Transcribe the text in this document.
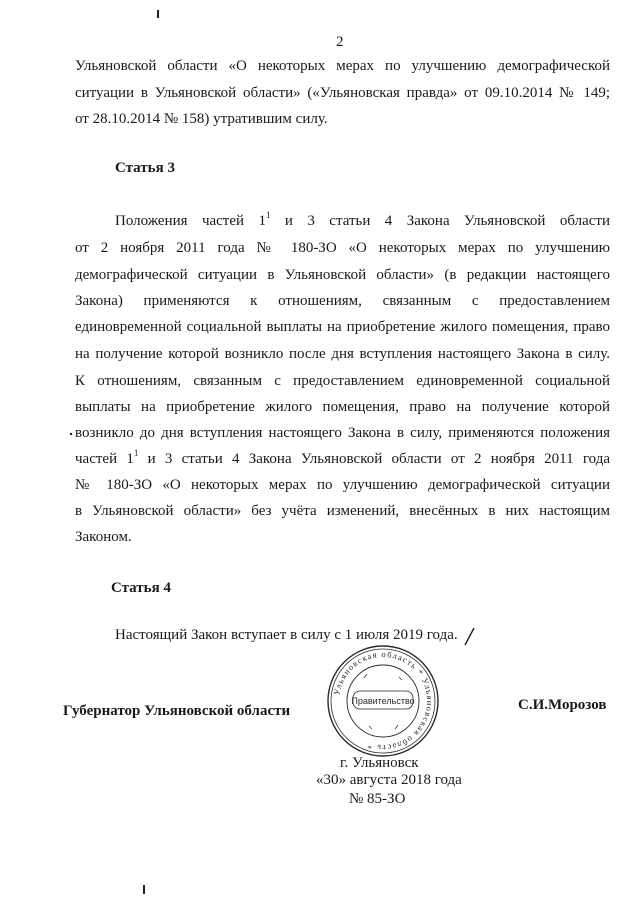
2
Ульяновской области «О некоторых мерах по улучшению демографической
ситуации в Ульяновской области» («Ульяновская правда» от 09.10.2014 № 149;
от 28.10.2014 № 158) утратившим силу.
Статья 3
Положения частей $1^1$ и 3 статьи 4 Закона Ульяновской области
от 2 ноября 2011 года № 180-ЗО «О некоторых мерах по улучшению
демографической ситуации в Ульяновской области» (в редакции настоящего
Закона) применяются к отношениям, связанным с предоставлением
единовременной социальной выплаты на приобретение жилого помещения, право
на получение которой возникло после дня вступления настоящего Закона в силу.
К отношениям, связанным с предоставлением единовременной социальной
выплаты на приобретение жилого помещения, право на получение которой
возникло до дня вступления настоящего Закона в силу, применяются положения
частей $1^1$ и 3 статьи 4 Закона Ульяновской области от 2 ноября 2011 года
№ 180-ЗО «О некоторых мерах по улучшению демографической ситуации
в Ульяновской области» без учёта изменений, внесённых в них настоящим
Законом.
Статья 4
Настоящий Закон вступает в силу с 1 июля 2019 года.
Губернатор Ульяновской области	С.И.Морозов
Ульяновская область * Ульяновская область *
Правительство
г. Ульяновск
«30» августа 2018 года
№ 85-ЗО
